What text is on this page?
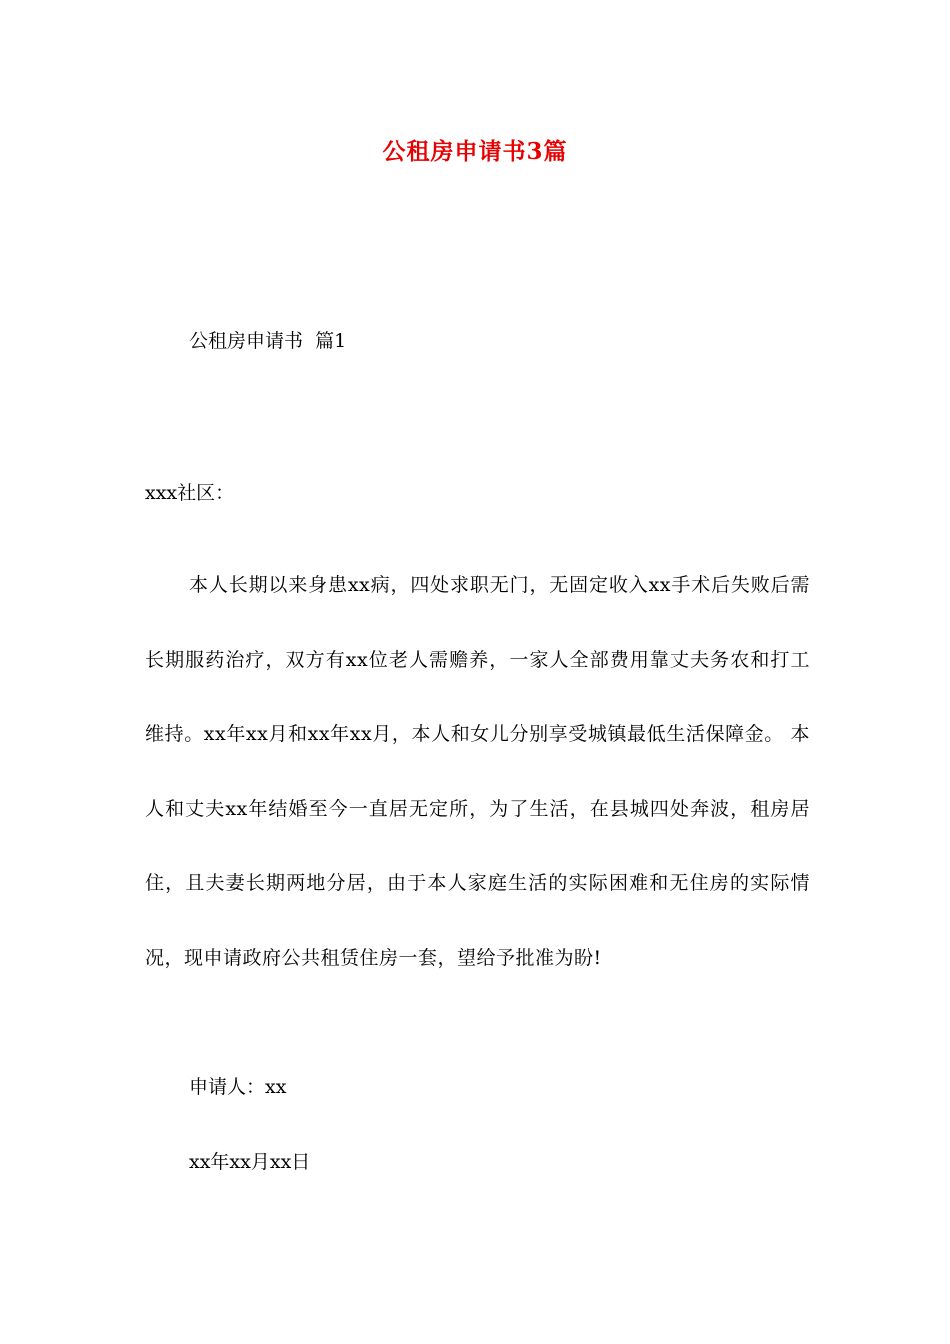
公租房申请书3篇

公租房申请书  篇1

xxx社区：

本人长期以来身患xx病，四处求职无门，无固定收入xx手术后失败后需长期服药治疗，双方有xx位老人需赡养，一家人全部费用靠丈夫务农和打工维持。xx年xx月和xx年xx月，本人和女儿分别享受城镇最低生活保障金。 本人和丈夫xx年结婚至今一直居无定所，为了生活，在县城四处奔波，租房居住，且夫妻长期两地分居，由于本人家庭生活的实际困难和无住房的实际情况，现申请政府公共租赁住房一套，望给予批准为盼!

申请人：xx

xx年xx月xx日
